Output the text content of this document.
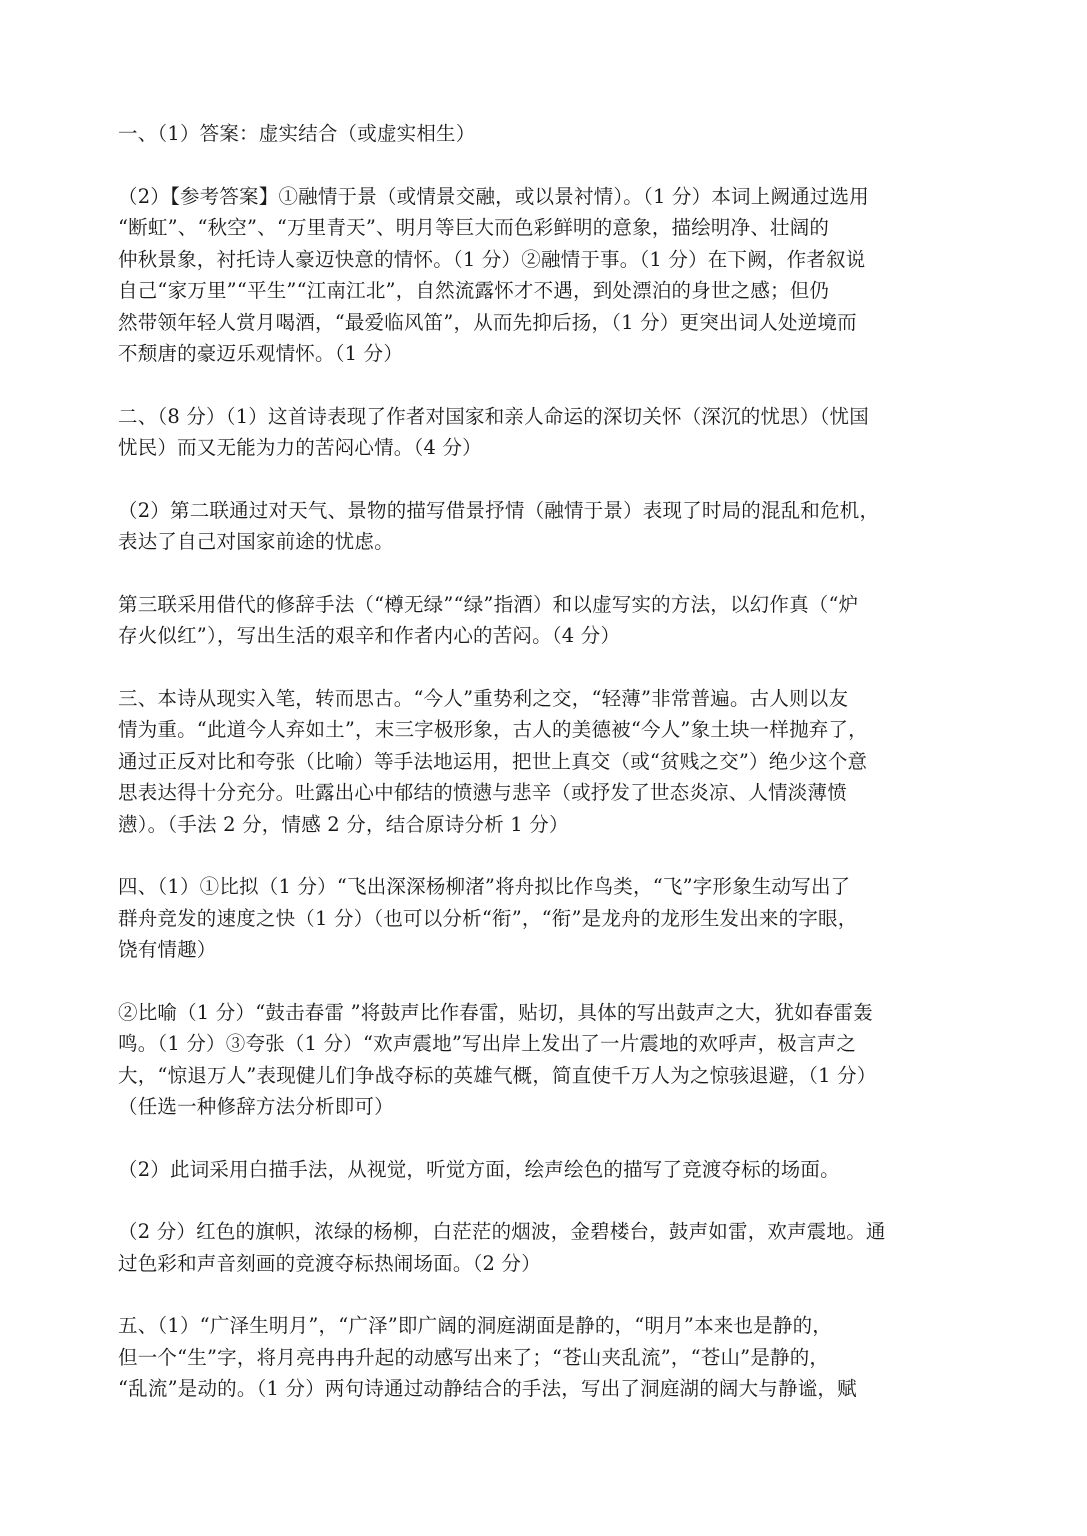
一、（1）答案：虚实结合（或虚实相生）
（2）【参考答案】①融情于景（或情景交融，或以景衬情）。（1 分）本词上阙通过选用
“断虹”、“秋空”、“万里青天”、明月等巨大而色彩鲜明的意象，描绘明净、壮阔的
仲秋景象，衬托诗人豪迈快意的情怀。（1 分）②融情于事。（1 分）在下阙，作者叙说
自己“家万里”“平生”“江南江北”，自然流露怀才不遇，到处漂泊的身世之感；但仍
然带领年轻人赏月喝酒，“最爱临风笛”，从而先抑后扬，（1 分）更突出词人处逆境而
不颓唐的豪迈乐观情怀。（1 分）
二、（8 分）（1）这首诗表现了作者对国家和亲人命运的深切关怀（深沉的忧思）（忧国
忧民）而又无能为力的苦闷心情。（4 分）
（2）第二联通过对天气、景物的描写借景抒情（融情于景）表现了时局的混乱和危机，
表达了自己对国家前途的忧虑。
第三联采用借代的修辞手法（“樽无绿”“绿”指酒）和以虚写实的方法，以幻作真（“炉
存火似红”），写出生活的艰辛和作者内心的苦闷。（4 分）
三、本诗从现实入笔，转而思古。“今人”重势利之交，“轻薄”非常普遍。古人则以友
情为重。“此道今人弃如土”，末三字极形象，古人的美德被“今人”象土块一样抛弃了，
通过正反对比和夸张（比喻）等手法地运用，把世上真交（或“贫贱之交”）绝少这个意
思表达得十分充分。吐露出心中郁结的愤懑与悲辛（或抒发了世态炎凉、人情淡薄愤
懑）。（手法 2 分，情感 2 分，结合原诗分析 1 分）
四、（1）①比拟（1 分）“飞出深深杨柳渚”将舟拟比作鸟类，“飞”字形象生动写出了
群舟竞发的速度之快（1 分）（也可以分析“衔”，“衔”是龙舟的龙形生发出来的字眼，
饶有情趣）
②比喻（1 分）“鼓击春雷 ”将鼓声比作春雷，贴切，具体的写出鼓声之大，犹如春雷轰
鸣。（1 分）③夸张（1 分）“欢声震地”写出岸上发出了一片震地的欢呼声，极言声之
大，“惊退万人”表现健儿们争战夺标的英雄气概，简直使千万人为之惊骇退避，（1 分）
（任选一种修辞方法分析即可）
（2）此词采用白描手法，从视觉，听觉方面，绘声绘色的描写了竞渡夺标的场面。
（2 分）红色的旗帜，浓绿的杨柳，白茫茫的烟波，金碧楼台，鼓声如雷，欢声震地。通
过色彩和声音刻画的竞渡夺标热闹场面。（2 分）
五、（1）“广泽生明月”，“广泽”即广阔的洞庭湖面是静的，“明月”本来也是静的，
但一个“生”字，将月亮冉冉升起的动感写出来了；“苍山夹乱流”，“苍山”是静的，
“乱流”是动的。（1 分）两句诗通过动静结合的手法，写出了洞庭湖的阔大与静谧，赋
